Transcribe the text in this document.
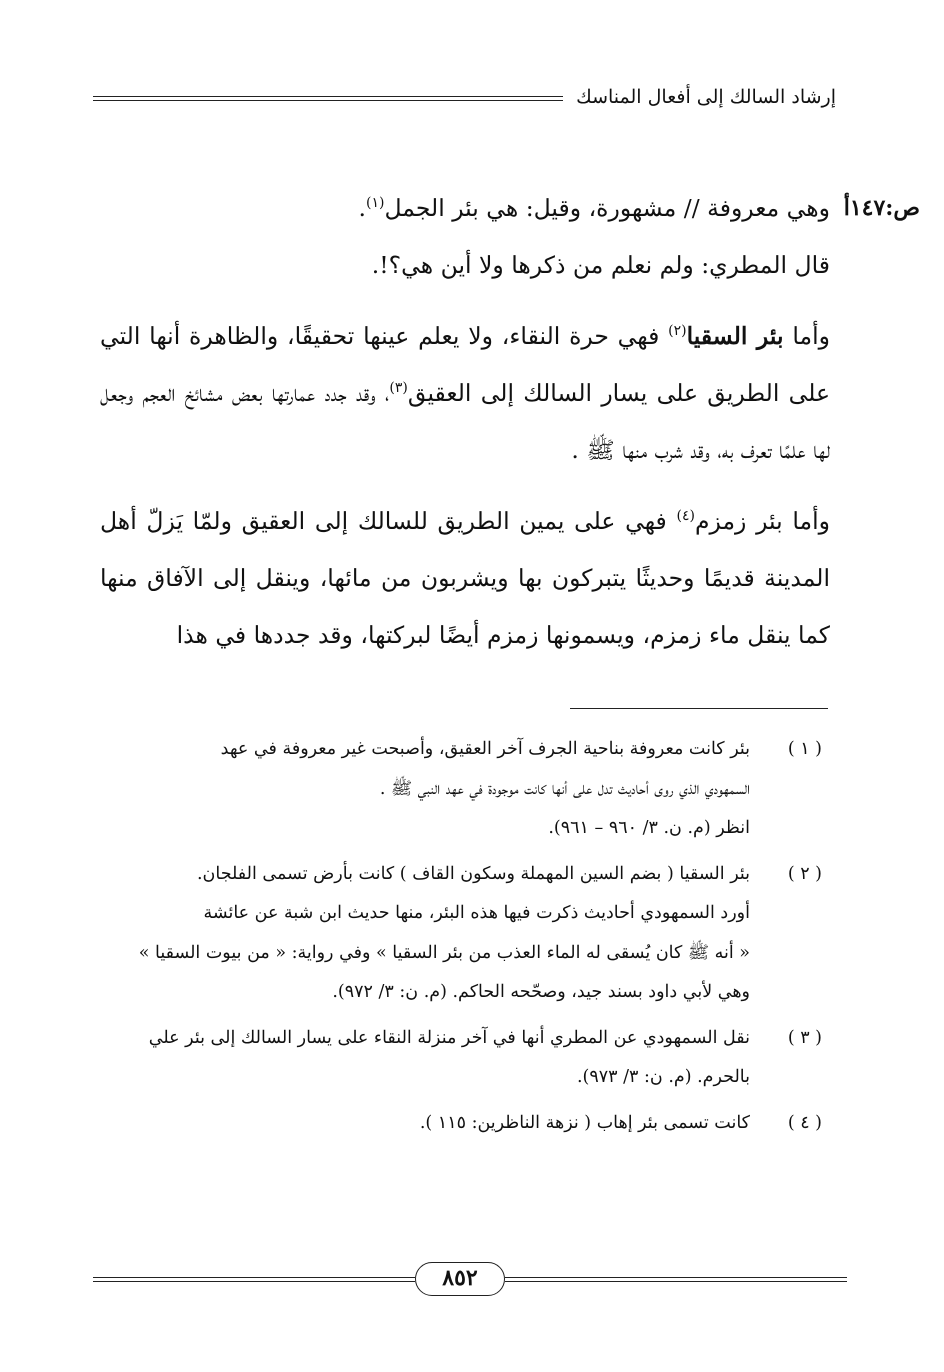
إرشاد السالك إلى أفعال المناسك
ص:١٤٧أ

وهي معروفة // مشهورة، وقيل: هي بئر الجمل$^{(١)}$.

قال المطري: ولم نعلم من ذكرها ولا أين هي؟!.

وأما بئر السقيا$^{(٢)}$ فهي حرة النقاء، ولا يعلم عينها تحقيقًا، والظاهرة أنها التي على الطريق على يسار السالك إلى العقيق$^{(٣)}$، وقد جدد عمارتها بعض مشائخ العجم وجعل لها علمًا تعرف به، وقد شرب منها ﷺ .

وأما بئر زمزم$^{(٤)}$ فهي على يمين الطريق للسالك إلى العقيق ولمّا يَزلّ أهل المدينة قديمًا وحديثًا يتبركون بها ويشربون من مائها، وينقل إلى الآفاق منها كما ينقل ماء زمزم، ويسمونها زمزم أيضًا لبركتها، وقد جددها في هذا

( ١ )
بئر كانت معروفة بناحية الجرف آخر العقيق، وأصبحت غير معروفة في عهد
السمهودي الذي روى أحاديث تدل على أنها كانت موجودة في عهد النبي ﷺ .
انظر (م. ن. ٣/ ٩٦٠ – ٩٦١).
( ٢ )
بئر السقيا ( بضم السين المهملة وسكون القاف ) كانت بأرض تسمى الفلجان.
أورد السمهودي أحاديث ذكرت فيها هذه البئر، منها حديث ابن شبة عن عائشة
« أنه ﷺ كان يُسقى له الماء العذب من بئر السقيا » وفي رواية: « من بيوت السقيا »
وهي لأبي داود بسند جيد، وصحّحه الحاكم. (م. ن: ٣/ ٩٧٢).
( ٣ )
نقل السمهودي عن المطري أنها في آخر منزلة النقاء على يسار السالك إلى بئر علي
بالحرم. (م. ن: ٣/ ٩٧٣).
( ٤ )
كانت تسمى بئر إهاب ( نزهة الناظرين: ١١٥ ).
٨٥٢
